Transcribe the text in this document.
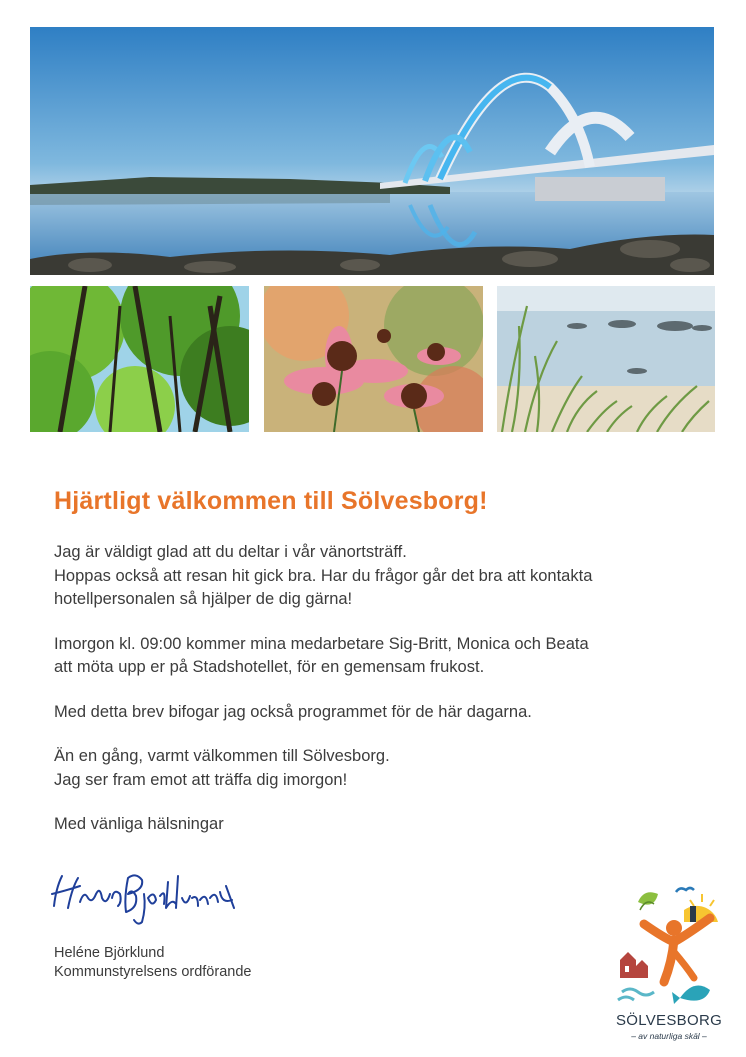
Hjärtligt välkommen till Sölvesborg!

Jag är väldigt glad att du deltar i vår vänortsträff.
Hoppas också att resan hit gick bra. Har du frågor går det bra att kontakta
hotellpersonalen så hjälper de dig gärna!

Imorgon kl. 09:00 kommer mina medarbetare Sig-Britt, Monica och Beata
att möta upp er på Stadshotellet, för en gemensam frukost.

Med detta brev bifogar jag också programmet för de här dagarna.

Än en gång, varmt välkommen till Sölvesborg.
Jag ser fram emot att träffa dig imorgon!

Med vänliga hälsningar

Heléne Björklund
Kommunstyrelsens ordförande
SÖLVESBORG
– av naturliga skäl –
